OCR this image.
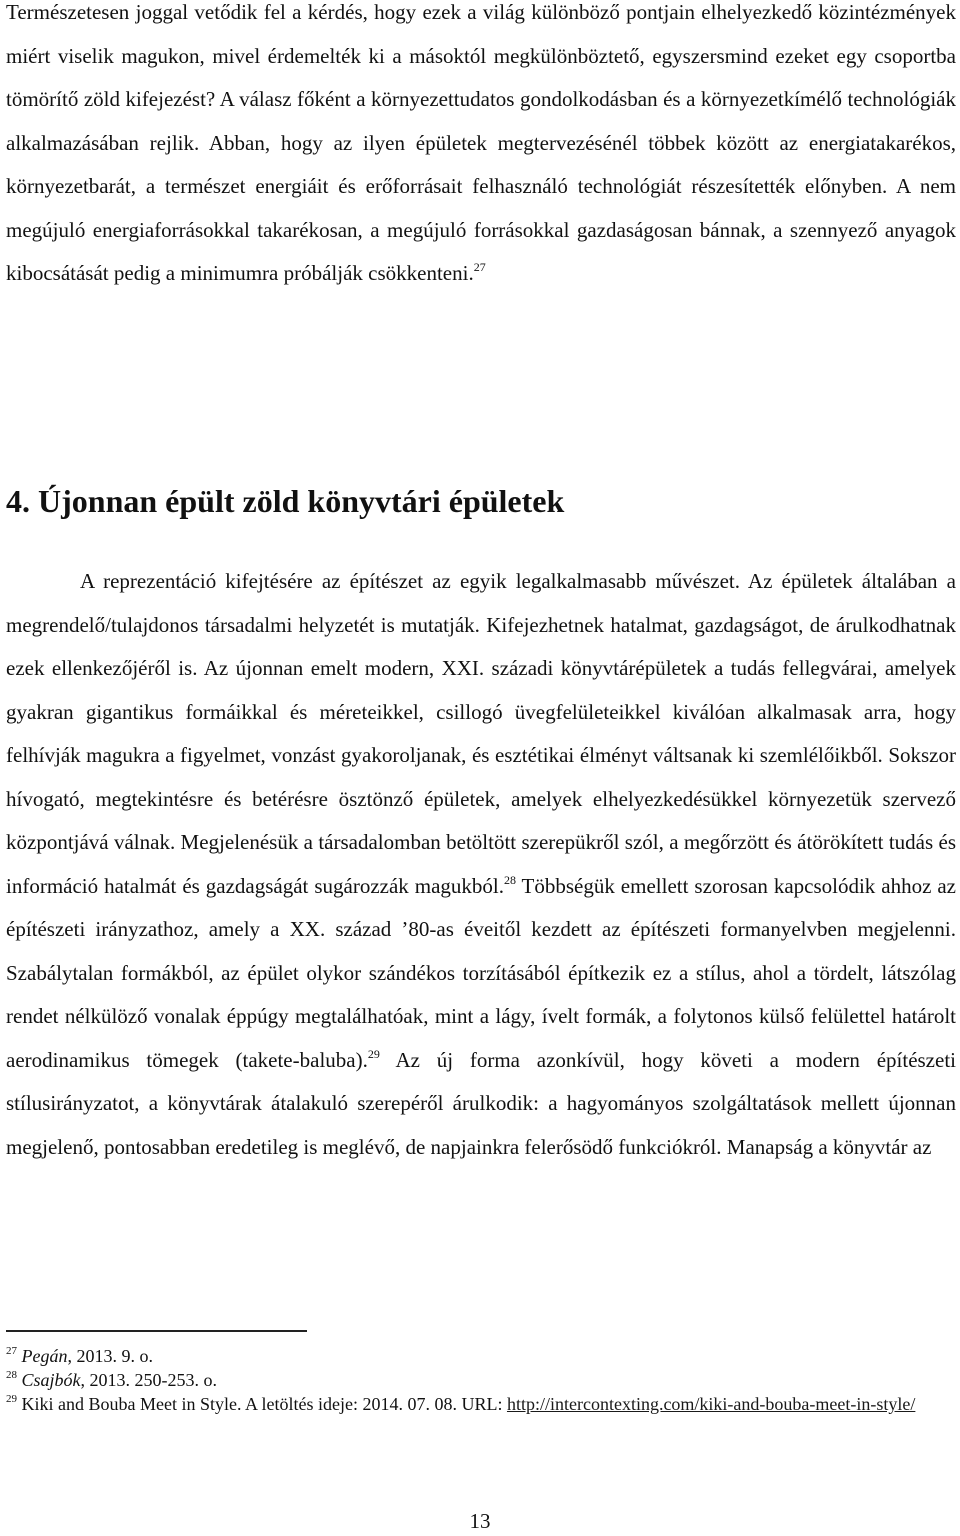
Természetesen joggal vetődik fel a kérdés, hogy ezek a világ különböző pontjain elhelyezkedő közintézmények miért viselik magukon, mivel érdemelték ki a másoktól megkülönböztető, egyszersmind ezeket egy csoportba tömörítő zöld kifejezést? A válasz főként a környezettudatos gondolkodásban és a környezetkímélő technológiák alkalmazásában rejlik. Abban, hogy az ilyen épületek megtervezésénél többek között az energiatakarékos, környezetbarát, a természet energiáit és erőforrásait felhasználó technológiát részesítették előnyben. A nem megújuló energiaforrásokkal takarékosan, a megújuló forrásokkal gazdaságosan bánnak, a szennyező anyagok kibocsátását pedig a minimumra próbálják csökkenteni.$^{27}$

4. Újonnan épült zöld könyvtári épületek

A reprezentáció kifejtésére az építészet az egyik legalkalmasabb művészet. Az épületek általában a megrendelő/tulajdonos társadalmi helyzetét is mutatják. Kifejezhetnek hatalmat, gazdagságot, de árulkodhatnak ezek ellenkezőjéről is. Az újonnan emelt modern, XXI. századi könyvtárépületek a tudás fellegvárai, amelyek gyakran gigantikus formáikkal és méreteikkel, csillogó üvegfelületeikkel kiválóan alkalmasak arra, hogy felhívják magukra a figyelmet, vonzást gyakoroljanak, és esztétikai élményt váltsanak ki szemlélőikből. Sokszor hívogató, megtekintésre és betérésre ösztönző épületek, amelyek elhelyezkedésükkel környezetük szervező központjává válnak. Megjelenésük a társadalomban betöltött szerepükről szól, a megőrzött és átörökített tudás és információ hatalmát és gazdagságát sugározzák magukból.$^{28}$ Többségük emellett szorosan kapcsolódik ahhoz az építészeti irányzathoz, amely a XX. század ’80-as éveitől kezdett az építészeti formanyelvben megjelenni. Szabálytalan formákból, az épület olykor szándékos torzításából építkezik ez a stílus, ahol a tördelt, látszólag rendet nélkülöző vonalak éppúgy megtalálhatóak, mint a lágy, ívelt formák, a folytonos külső felülettel határolt aerodinamikus tömegek (takete-baluba).$^{29}$ Az új forma azonkívül, hogy követi a modern építészeti stílusirányzatot, a könyvtárak átalakuló szerepéről árulkodik: a hagyományos szolgáltatások mellett újonnan megjelenő, pontosabban eredetileg is meglévő, de napjainkra felerősödő funkciókról. Manapság a könyvtár az

$^{27}$ Pegán, 2013. 9. o.

$^{28}$ Csajbók, 2013. 250-253. o.

$^{29}$ Kiki and Bouba Meet in Style. A letöltés ideje: 2014. 07. 08. URL: http://intercontexting.com/kiki-and-bouba-meet-in-style/

13
